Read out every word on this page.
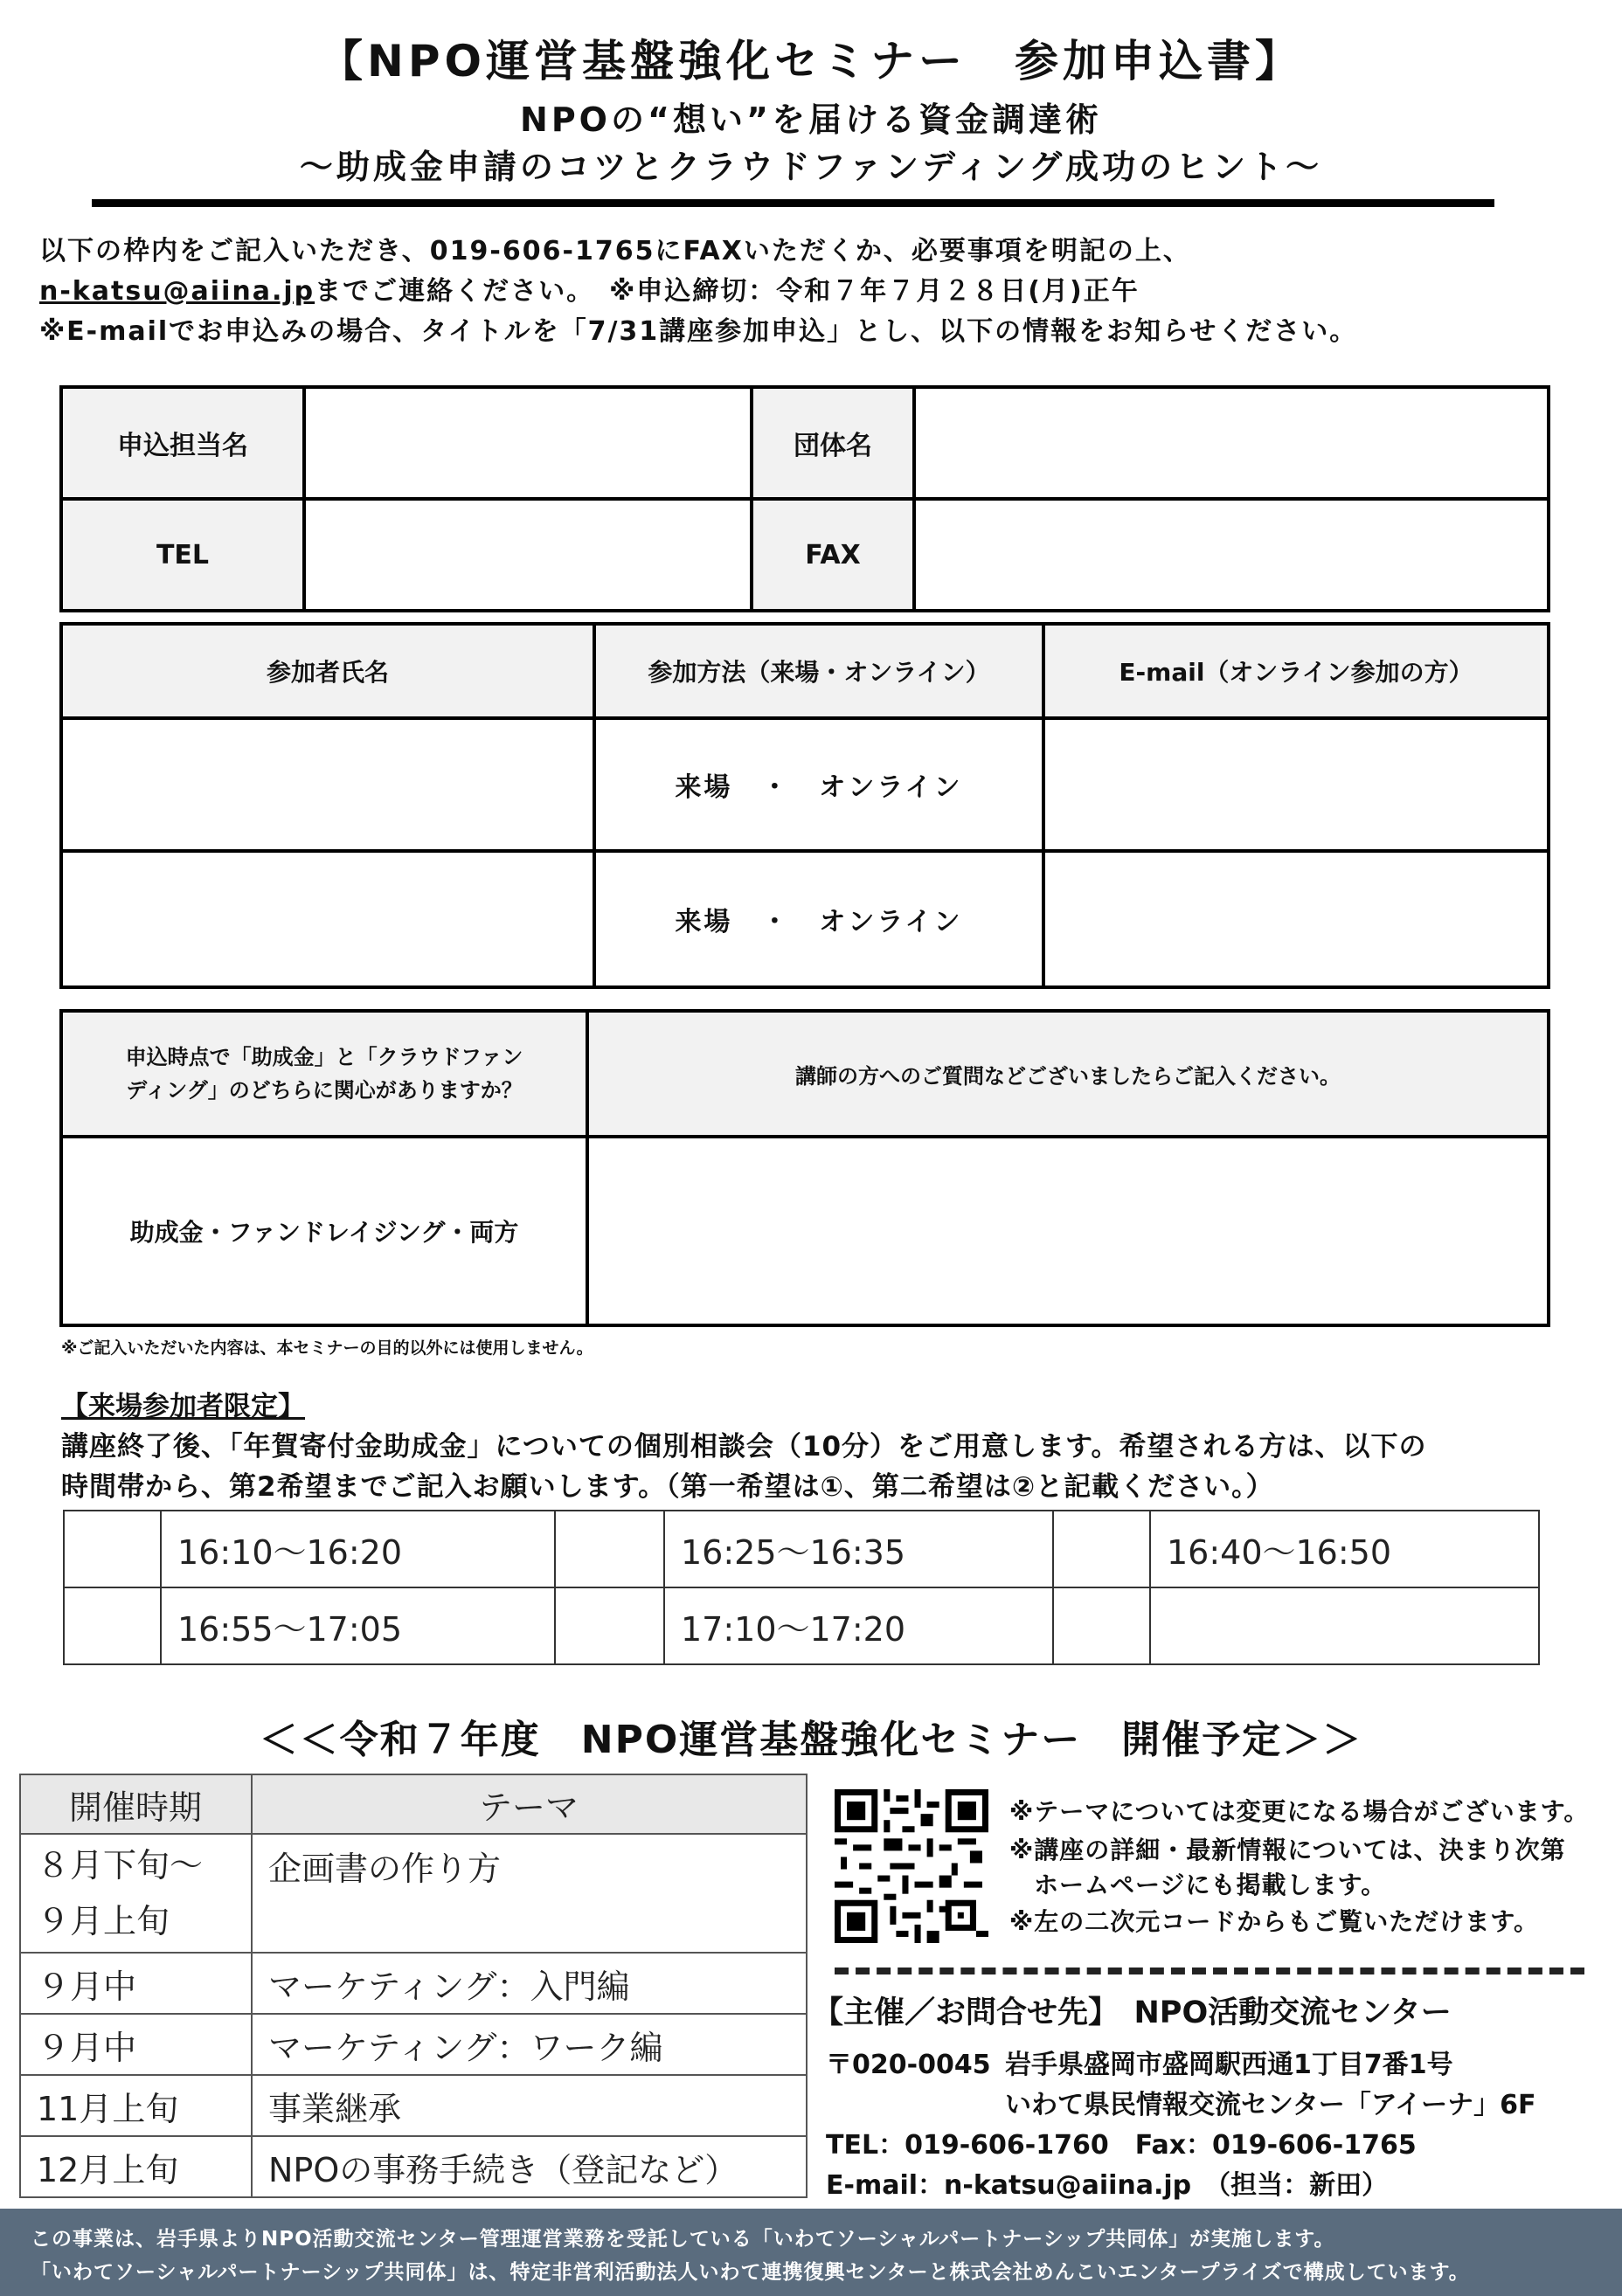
【NPO運営基盤強化セミナー　参加申込書】
NPOの“想い”を届ける資金調達術
～助成金申請のコツとクラウドファンディング成功のヒント～
以下の枠内をご記入いただき、019-606-1765にFAXいただくか、必要事項を明記の上、
n-katsu@aiina.jpまでご連絡ください。　※申込締切：令和７年７月２８日(月)正午
※E-mailでお申込みの場合、タイトルを「7/31講座参加申込」とし、以下の情報をお知らせください。
申込担当名		団体名	
TEL		FAX	
参加者氏名	参加方法（来場・オンライン）	E-mail（オンライン参加の方）
	来場　・　オンライン	
	来場　・　オンライン	
申込時点で「助成金」と「クラウドファン
ディング」のどちらに関心がありますか？	講師の方へのご質問などございましたらご記入ください。
助成金・ファンドレイジング・両方	
※ご記入いただいた内容は、本セミナーの目的以外には使用しません。
【来場参加者限定】
講座終了後、「年賀寄付金助成金」についての個別相談会（10分）をご用意します。希望される方は、以下の
時間帯から、第2希望までご記入お願いします。（第一希望は①、第二希望は②と記載ください。）
	16:10～16:20		16:25～16:35		16:40～16:50
	16:55～17:05		17:10～17:20		
＜＜令和７年度　NPO運営基盤強化セミナー　開催予定＞＞
開催時期	テーマ
８月下旬～
９月上旬	企画書の作り方
９月中	マーケティング：入門編
９月中	マーケティング：ワーク編
11月上旬	事業継承
12月上旬	NPOの事務手続き（登記など）
※テーマについては変更になる場合がございます。
※講座の詳細・最新情報については、決まり次第
ホームページにも掲載します。
※左の二次元コードからもご覧いただけます。
【主催／お問合せ先】　NPO活動交流センター
〒020-0045 岩手県盛岡市盛岡駅西通1丁目7番1号
いわて県民情報交流センター「アイーナ」6F
TEL：019-606-1760　Fax：019-606-1765
E-mail：n-katsu@aiina.jp　（担当：新田）
この事業は、岩手県よりNPO活動交流センター管理運営業務を受託している「いわてソーシャルパートナーシップ共同体」が実施します。
「いわてソーシャルパートナーシップ共同体」は、特定非営利活動法人いわて連携復興センターと株式会社めんこいエンタープライズで構成しています。
